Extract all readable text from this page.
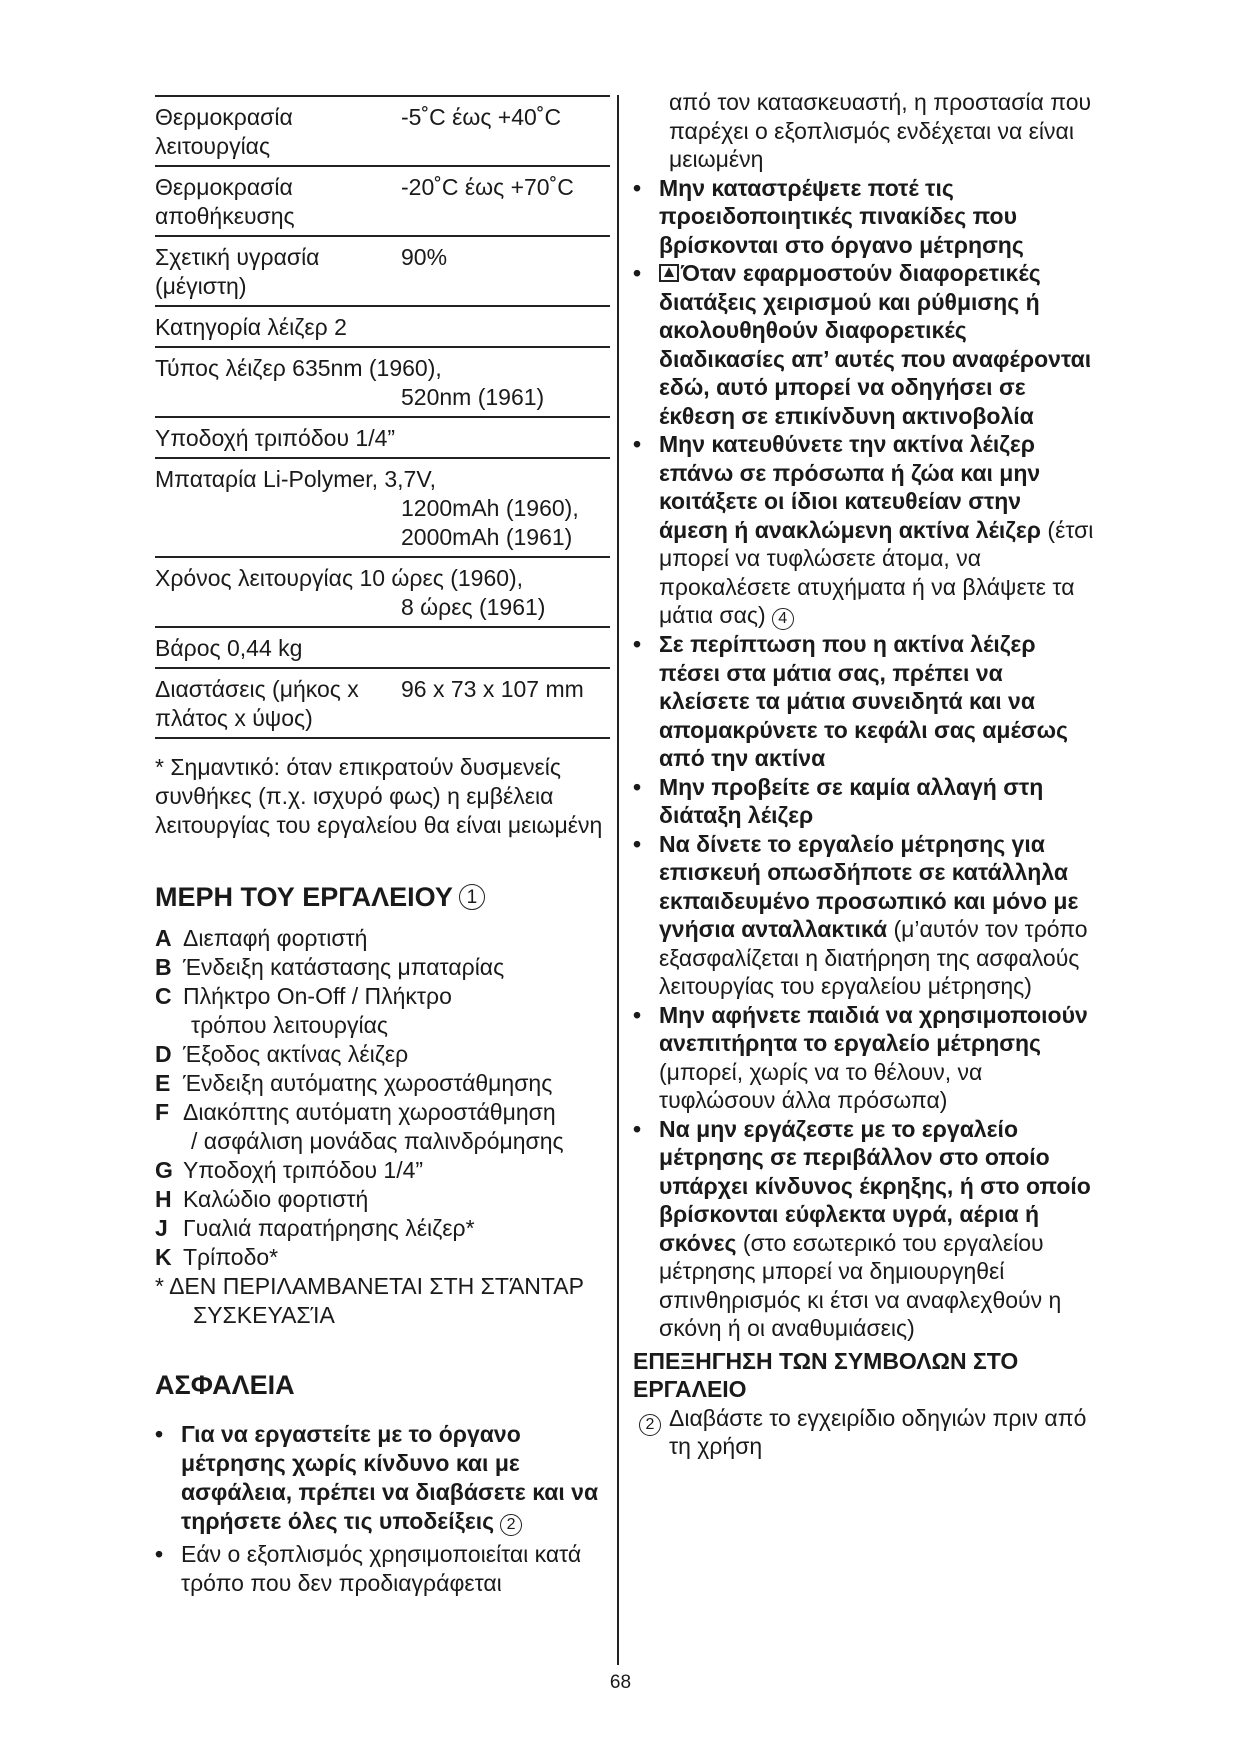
Θερμοκρασία λειτουργίας
-5˚C έως +40˚C
Θερμοκρασία αποθήκευσης
-20˚C έως +70˚C
Σχετική υγρασία (μέγιστη)
90%
Κατηγορία λέιζερ 2
Τύπος λέιζερ 635nm (1960),
520nm (1961)
Υποδοχή τριπόδου 1/4”
Μπαταρία Li-Polymer, 3,7V,
1200mAh (1960),
2000mAh (1961)
Χρόνος λειτουργίας 10 ώρες (1960),
8 ώρες (1961)
Βάρος 0,44 kg
Διαστάσεις (μήκος x πλάτος x ύψος)
96 x 73 x 107 mm
* Σημαντικό: όταν επικρατούν δυσμενείς συνθήκες (π.χ. ισχυρό φως) η εμβέλεια λειτουργίας του εργαλείου θα είναι μειωμένη
ΜΕΡΗ ΤΟΥ ΕΡΓΑΛΕΙΟΥ 1
A Διεπαφή φορτιστή
B Ένδειξη κατάστασης μπαταρίας
C Πλήκτρο On-Off / Πλήκτρο
τρόπου λειτουργίας
D Έξοδος ακτίνας λέιζερ
E Ένδειξη αυτόματης χωροστάθμησης
F Διακόπτης αυτόματη χωροστάθμηση
/ ασφάλιση μονάδας παλινδρόμησης
G Υποδοχή τριπόδου 1/4”
H Καλώδιο φορτιστή
J Γυαλιά παρατήρησης λέιζερ*
K Τρίποδο*
* ΔΕΝ ΠΕΡΙΛΑΜΒΑΝΕΤΑΙ ΣΤΗ ΣΤΆΝΤΑΡ
ΣΥΣΚΕΥΑΣΊΑ
ΑΣΦΑΛΕΙΑ
• Για να εργαστείτε με το όργανο μέτρησης χωρίς κίνδυνο και με ασφάλεια, πρέπει να διαβάσετε και να τηρήσετε όλες τις υποδείξεις 2
• Εάν ο εξοπλισμός χρησιμοποιείται κατά τρόπο που δεν προδιαγράφεται
από τον κατασκευαστή, η προστασία που παρέχει ο εξοπλισμός ενδέχεται να είναι μειωμένη
• Μην καταστρέψετε ποτέ τις προειδοποιητικές πινακίδες που βρίσκονται στο όργανο μέτρησης
•	Όταν εφαρμοστούν διαφορετικές διατάξεις χειρισμού και ρύθμισης ή ακολουθηθούν διαφορετικές διαδικασίες απ’ αυτές που αναφέρονται εδώ, αυτό μπορεί να οδηγήσει σε έκθεση σε επικίνδυνη ακτινοβολία
• Μην κατευθύνετε την ακτίνα λέιζερ επάνω σε πρόσωπα ή ζώα και μην κοιτάξετε οι ίδιοι κατευθείαν στην άμεση ή ανακλώμενη ακτίνα λέιζερ (έτσι μπορεί να τυφλώσετε άτομα, να προκαλέσετε ατυχήματα ή να βλάψετε τα μάτια σας) 4
• Σε περίπτωση που η ακτίνα λέιζερ πέσει στα μάτια σας, πρέπει να κλείσετε τα μάτια συνειδητά και να απομακρύνετε το κεφάλι σας αμέσως από την ακτίνα
• Μην προβείτε σε καμία αλλαγή στη διάταξη λέιζερ
• Να δίνετε το εργαλείο μέτρησης για επισκευή οπωσδήποτε σε κατάλληλα εκπαιδευμένο προσωπικό και μόνο με γνήσια ανταλλακτικά (μ’αυτόν τον τρόπο εξασφαλίζεται η διατήρηση της ασφαλούς λειτουργίας του εργαλείου μέτρησης)
• Μην αφήνετε παιδιά να χρησιμοποιούν ανεπιτήρητα το εργαλείο μέτρησης (μπορεί, χωρίς να το θέλουν, να τυφλώσουν άλλα πρόσωπα)
• Να μην εργάζεστε με το εργαλείο μέτρησης σε περιβάλλον στο οποίο υπάρχει κίνδυνος έκρηξης, ή στο οποίο βρίσκονται εύφλεκτα υγρά, αέρια ή σκόνες (στο εσωτερικό του εργαλείου μέτρησης μπορεί να δημιουργηθεί σπινθηρισμός κι έτσι να αναφλεχθούν η σκόνη ή οι αναθυμιάσεις)
ΕΠΕΞΗΓΗΣΗ ΤΩΝ ΣΥΜΒΟΛΩΝ ΣΤΟ ΕΡΓΑΛΕΙΟ
2 Διαβάστε το εγχειρίδιο οδηγιών πριν από τη χρήση
68
